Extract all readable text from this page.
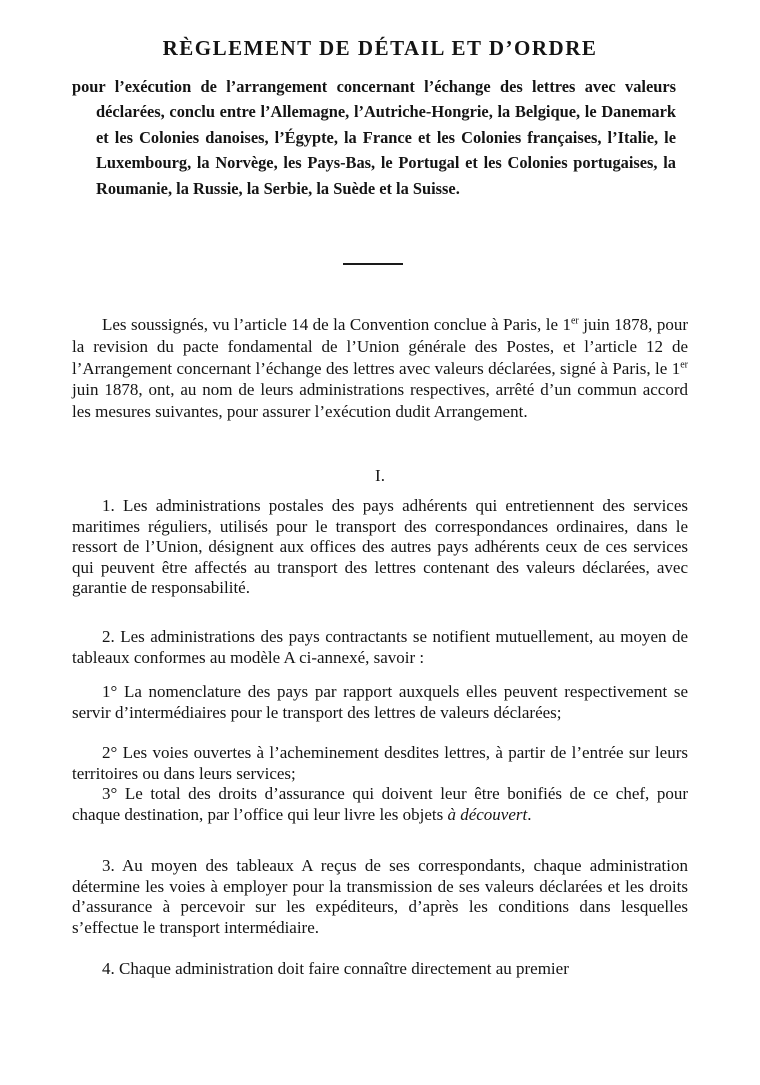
RÈGLEMENT DE DÉTAIL ET D’ORDRE

pour l’exécution de l’arrangement concernant l’échange des lettres avec valeurs déclarées, conclu entre l’Allemagne, l’Autriche-Hongrie, la Belgique, le Danemark et les Colonies danoises, l’Égypte, la France et les Colonies françaises, l’Italie, le Luxembourg, la Norvège, les Pays-Bas, le Portugal et les Colonies portugaises, la Roumanie, la Russie, la Serbie, la Suède et la Suisse.

Les soussignés, vu l’article 14 de la Convention conclue à Paris, le 1er juin 1878, pour la revision du pacte fondamental de l’Union générale des Postes, et l’article 12 de l’Arrangement concernant l’échange des lettres avec valeurs déclarées, signé à Paris, le 1er juin 1878, ont, au nom de leurs administrations respectives, arrêté d’un commun accord les mesures suivantes, pour assurer l’exécution dudit Arrangement.

I.

1. Les administrations postales des pays adhérents qui entretiennent des services maritimes réguliers, utilisés pour le transport des correspondances ordinaires, dans le ressort de l’Union, désignent aux offices des autres pays adhérents ceux de ces services qui peuvent être affectés au transport des lettres contenant des valeurs déclarées, avec garantie de responsabilité.

2. Les administrations des pays contractants se notifient mutuellement, au moyen de tableaux conformes au modèle A ci-annexé, savoir :

1° La nomenclature des pays par rapport auxquels elles peuvent respectivement se servir d’intermédiaires pour le transport des lettres de valeurs déclarées;

2° Les voies ouvertes à l’acheminement desdites lettres, à partir de l’entrée sur leurs territoires ou dans leurs services;

3° Le total des droits d’assurance qui doivent leur être bonifiés de ce chef, pour chaque destination, par l’office qui leur livre les objets à découvert.

3. Au moyen des tableaux A reçus de ses correspondants, chaque administration détermine les voies à employer pour la transmission de ses valeurs déclarées et les droits d’assurance à percevoir sur les expéditeurs, d’après les conditions dans lesquelles s’effectue le transport intermédiaire.

4. Chaque administration doit faire connaître directement au premier
